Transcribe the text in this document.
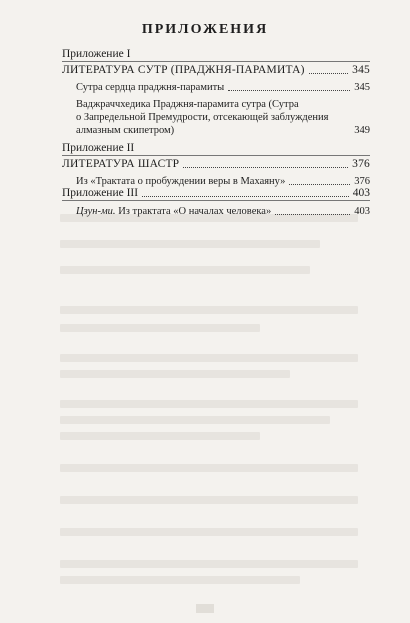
ПРИЛОЖЕНИЯ
Приложение I
ЛИТЕРАТУРА СУТР (ПРАДЖНЯ-ПАРАМИТА)	345
Сутра сердца праджня-парамиты	345
Ваджраччхедика Праджня-парамита сутра (Сутра
о Запредельной Премудрости, отсекающей заблуждения
алмазным скипетром)	349
Приложение II
ЛИТЕРАТУРА ШАСТР	376
Из «Трактата о пробуждении веры в Махаяну»	376
Приложение III	403
Цзун-ми. Из трактата «О началах человека»	403
